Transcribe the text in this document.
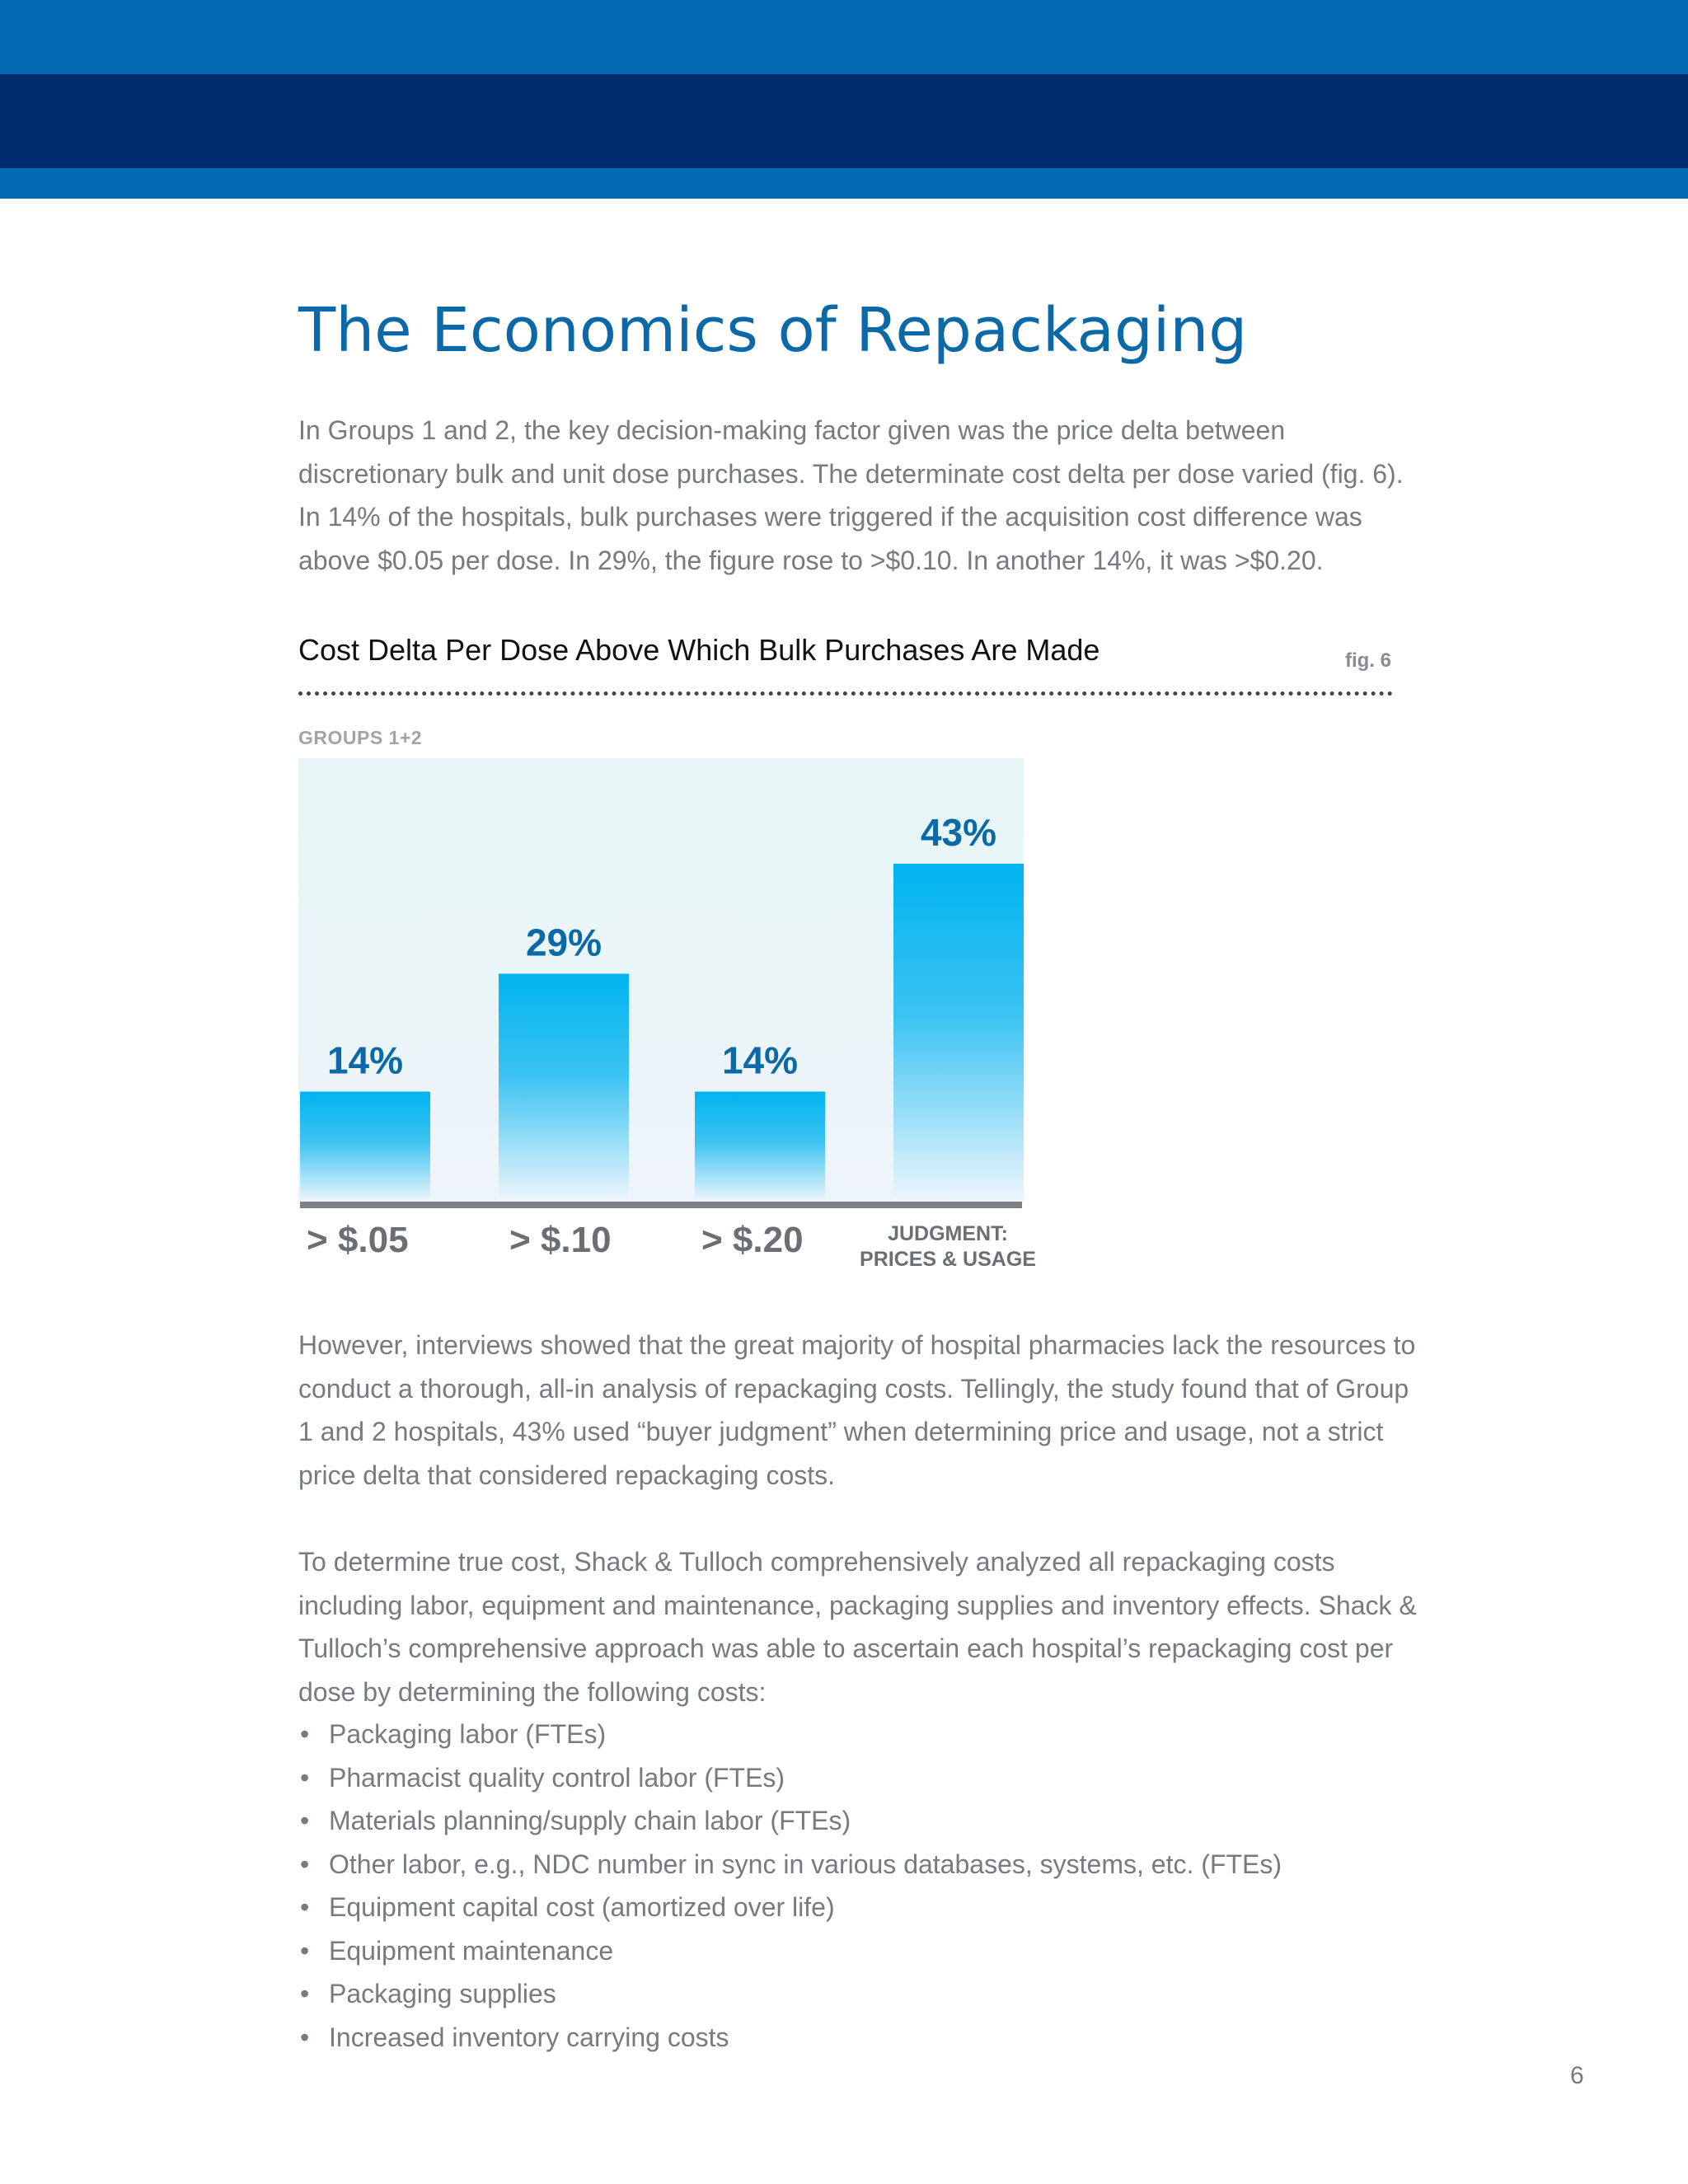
The Economics of Repackaging
In Groups 1 and 2, the key decision-making factor given was the price delta between discretionary bulk and unit dose purchases. The determinate cost delta per dose varied (fig. 6). In 14% of the hospitals, bulk purchases were triggered if the acquisition cost difference was above $0.05 per dose. In 29%, the figure rose to >$0.10. In another 14%, it was >$0.20.
Cost Delta Per Dose Above Which Bulk Purchases Are Made	fig. 6
GROUPS 1+2
14%
29%
14%
43%
> $.05	> $.10 > $.20	JUDGMENT:
PRICES & USAGE
However, interviews showed that the great majority of hospital pharmacies lack the resources to conduct a thorough, all-in analysis of repackaging costs. Tellingly, the study found that of Group 1 and 2 hospitals, 43% used “buyer judgment” when determining price and usage, not a strict price delta that considered repackaging costs.
To determine true cost, Shack & Tulloch comprehensively analyzed all repackaging costs including labor, equipment and maintenance, packaging supplies and inventory effects. Shack & Tulloch’s comprehensive approach was able to ascertain each hospital’s repackaging cost per dose by determining the following costs:
• Packaging labor (FTEs)
• Pharmacist quality control labor (FTEs)
• Materials planning/supply chain labor (FTEs)
• Other labor, e.g., NDC number in sync in various databases, systems, etc. (FTEs)
• Equipment capital cost (amortized over life)
• Equipment maintenance
• Packaging supplies
• Increased inventory carrying costs
6
